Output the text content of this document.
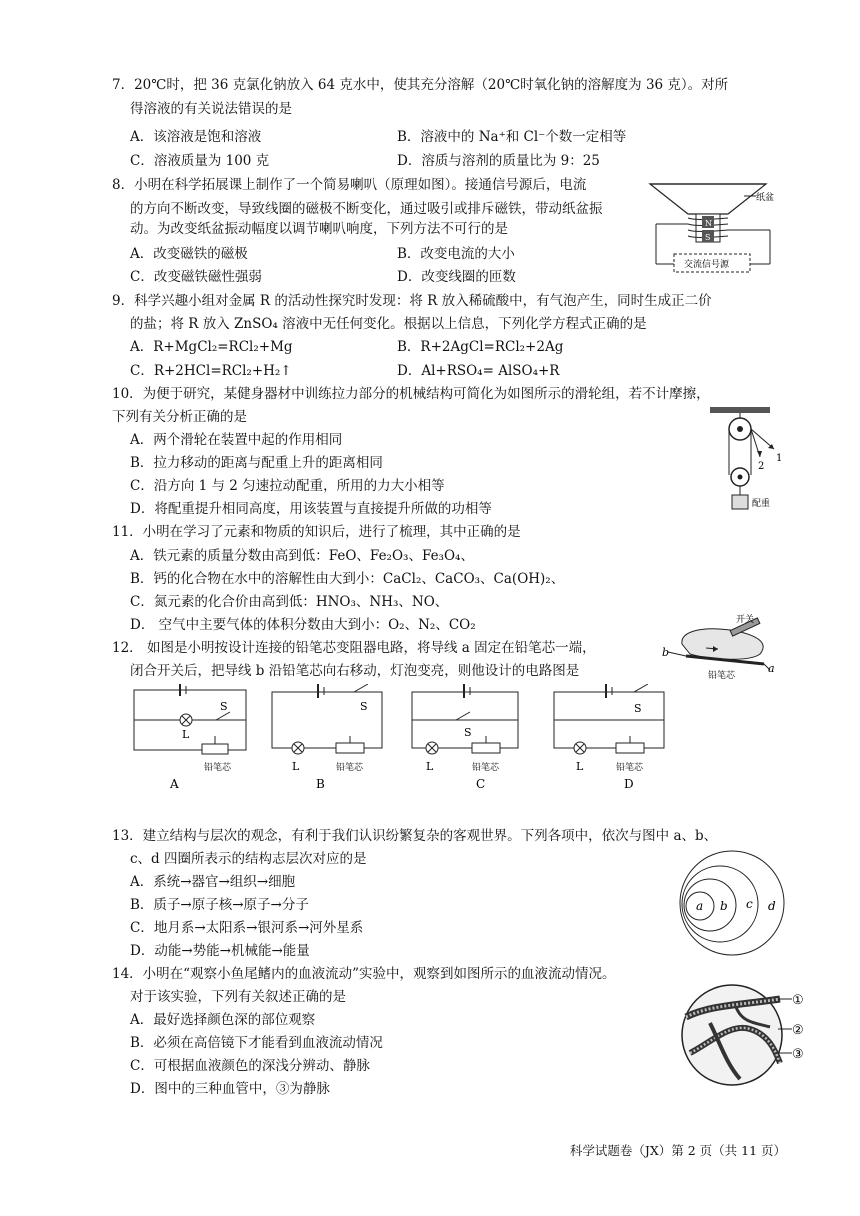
7．20℃时，把 36 克氯化钠放入 64 克水中，使其充分溶解（20℃时氧化钠的溶解度为 36 克）。对所
得溶液的有关说法错误的是
A．该溶液是饱和溶液	B．溶液中的 Na⁺和 Cl⁻个数一定相等
C．溶液质量为 100 克	D．溶质与溶剂的质量比为 9：25
8．小明在科学拓展课上制作了一个简易喇叭（原理如图）。接通信号源后，电流
的方向不断改变，导致线圈的磁极不断变化，通过吸引或排斥磁铁，带动纸盆振
动。为改变纸盆振动幅度以调节喇叭响度，下列方法不可行的是
A．改变磁铁的磁极	B．改变电流的大小
C．改变磁铁磁性强弱	D．改变线圈的匝数
N
S
纸盆
交流信号源
9．科学兴趣小组对金属 R 的活动性探究时发现：将 R 放入稀硫酸中，有气泡产生，同时生成正二价
的盐；将 R 放入 ZnSO₄ 溶液中无任何变化。根据以上信息，下列化学方程式正确的是
A．R+MgCl₂=RCl₂+Mg	B．R+2AgCl=RCl₂+2Ag
C．R+2HCl=RCl₂+H₂↑	D．Al+RSO₄= AlSO₄+R
10．为便于研究，某健身器材中训练拉力部分的机械结构可简化为如图所示的滑轮组，若不计摩擦，
下列有关分析正确的是
A．两个滑轮在装置中起的作用相同
B．拉力移动的距离与配重上升的距离相同
C．沿方向 1 与 2 匀速拉动配重，所用的力大小相等
D．将配重提升相同高度，用该装置与直接提升所做的功相等
1
2
配重
11．小明在学习了元素和物质的知识后，进行了梳理，其中正确的是
A．铁元素的质量分数由高到低：FeO、Fe₂O₃、Fe₃O₄、
B．钙的化合物在水中的溶解性由大到小：CaCl₂、CaCO₃、Ca(OH)₂、
C．氮元素的化合价由高到低：HNO₃、NH₃、NO、
D． 空气中主要气体的体积分数由大到小：O₂、N₂、CO₂
12． 如图是小明按设计连接的铅笔芯变阻器电路，将导线 a 固定在铅笔芯一端，
闭合开关后，把导线 b 沿铅笔芯向右移动，灯泡变亮，则他设计的电路图是
开关
b
a
铅笔芯
S
L
铅笔芯
A
S
L	铅笔芯
B
S
L	铅笔芯
C
S
L	铅笔芯
D
13．建立结构与层次的观念，有利于我们认识纷繁复杂的客观世界。下列各项中，依次与图中 a、b、
c、d 四圈所表示的结构志层次对应的是
A．系统→器官→组织→细胞
B．质子→原子核→原子→分子
C．地月系→太阳系→银河系→河外星系
D．动能→势能→机械能→能量
a b c d
14．小明在“观察小鱼尾鳍内的血液流动”实验中，观察到如图所示的血液流动情况。
对于该实验，下列有关叙述正确的是
A．最好选择颜色深的部位观察
B．必须在高倍镜下才能看到血液流动情况
C．可根据血液颜色的深浅分辨动、静脉
D．图中的三种血管中，③为静脉
①
②
③
科学试题卷（JX）第 2 页（共 11 页）
